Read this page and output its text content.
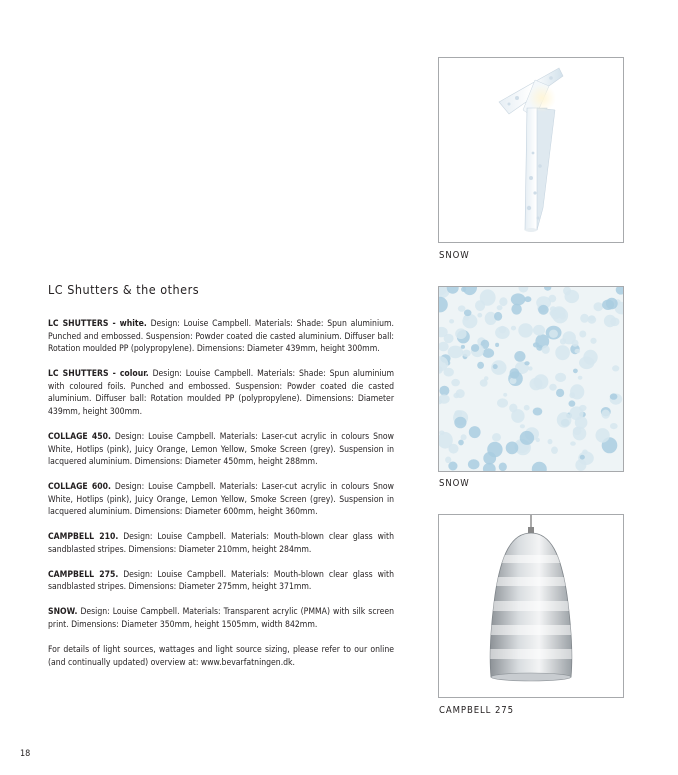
LC Shutters & the others

LC SHUTTERS - white. Design: Louise Campbell. Materials: Shade: Spun aluminium. Punched and embossed. Suspension: Powder coated die casted aluminium. Diffuser ball: Rotation moulded PP (polypropylene). Dimensions: Diameter 439mm, height 300mm.

LC SHUTTERS - colour. Design: Louise Campbell. Materials: Shade: Spun aluminium with coloured foils. Punched and embossed. Suspension: Powder coated die casted aluminium. Diffuser ball: Rotation moulded PP (polypropylene). Dimensions: Diameter 439mm, height 300mm.

COLLAGE 450. Design: Louise Campbell. Materials: Laser-cut acrylic in colours Snow White, Hotlips (pink), Juicy Orange, Lemon Yellow, Smoke Screen (grey). Suspension in lacquered aluminium. Dimensions: Diameter 450mm, height 288mm.

COLLAGE 600. Design: Louise Campbell. Materials: Laser-cut acrylic in colours Snow White, Hotlips (pink), Juicy Orange, Lemon Yellow, Smoke Screen (grey). Suspension in lacquered aluminium. Dimensions: Diameter 600mm, height 360mm.

CAMPBELL 210. Design: Louise Campbell. Materials: Mouth-blown clear glass with sandblasted stripes. Dimensions: Diameter 210mm, height 284mm.

CAMPBELL 275. Design: Louise Campbell. Materials: Mouth-blown clear glass with sandblasted stripes. Dimensions: Diameter 275mm, height 371mm.

SNOW. Design: Louise Campbell. Materials: Transparent acrylic (PMMA) with silk screen print. Dimensions: Diameter 350mm, height 1505mm, width 842mm.

For details of light sources, wattages and light source sizing, please refer to our online (and continually updated) overview at: www.bevarfatningen.dk.

SNOW
SNOW
CAMPBELL 275
18
